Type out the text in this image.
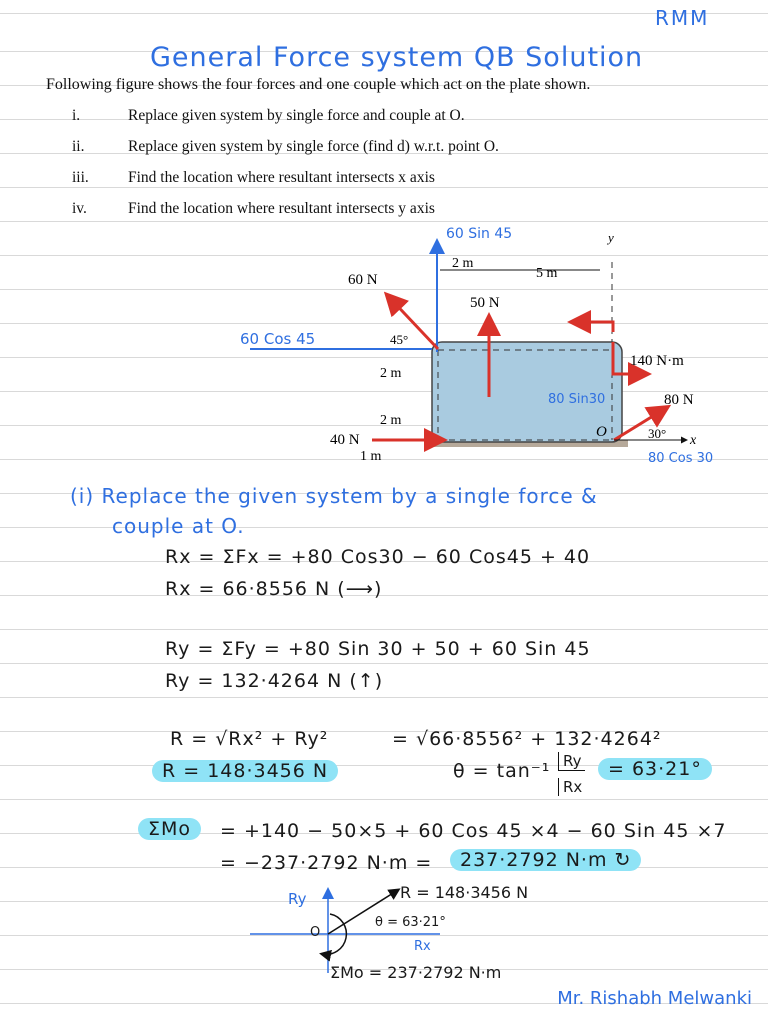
RMM
General Force system QB Solution
Following figure shows the four forces and one couple which act on the plate shown.
i.	Replace given system by single force and couple at O.
ii.	Replace given system by single force (find d) w.r.t. point O.
iii.	Find the location where resultant intersects x axis
iv.	Find the location where resultant intersects y axis
2 m
5 m
y
60 N
45°
50 N
140 N·m
2 m
2 m
1 m
40 N
80 N
30°
O
x
60 Sin 45
60 Cos 45
80 Sin30
80 Cos 30
(i) Replace the given system by a single force &
couple at O.
Rx = ΣFx = +80 Cos30 − 60 Cos45 + 40
Rx = 66·8556 N (⟶)
Ry = ΣFy = +80 Sin 30 + 50 + 60 Sin 45
Ry = 132·4264 N (↑)
R = √Rx² + Ry²	= √66·8556² + 132·4264²
R = 148·3456 N	θ = tan⁻¹ Ry
Rx
= 63·21°
ΣMo	= +140 − 50×5 + 60 Cos 45 ×4 − 60 Sin 45 ×7
= −237·2792 N·m =	237·2792 N·m ↻
Ry
Rx
R = 148·3456 N
θ = 63·21°
O
ΣMo = 237·2792 N·m
Mr. Rishabh Melwanki
